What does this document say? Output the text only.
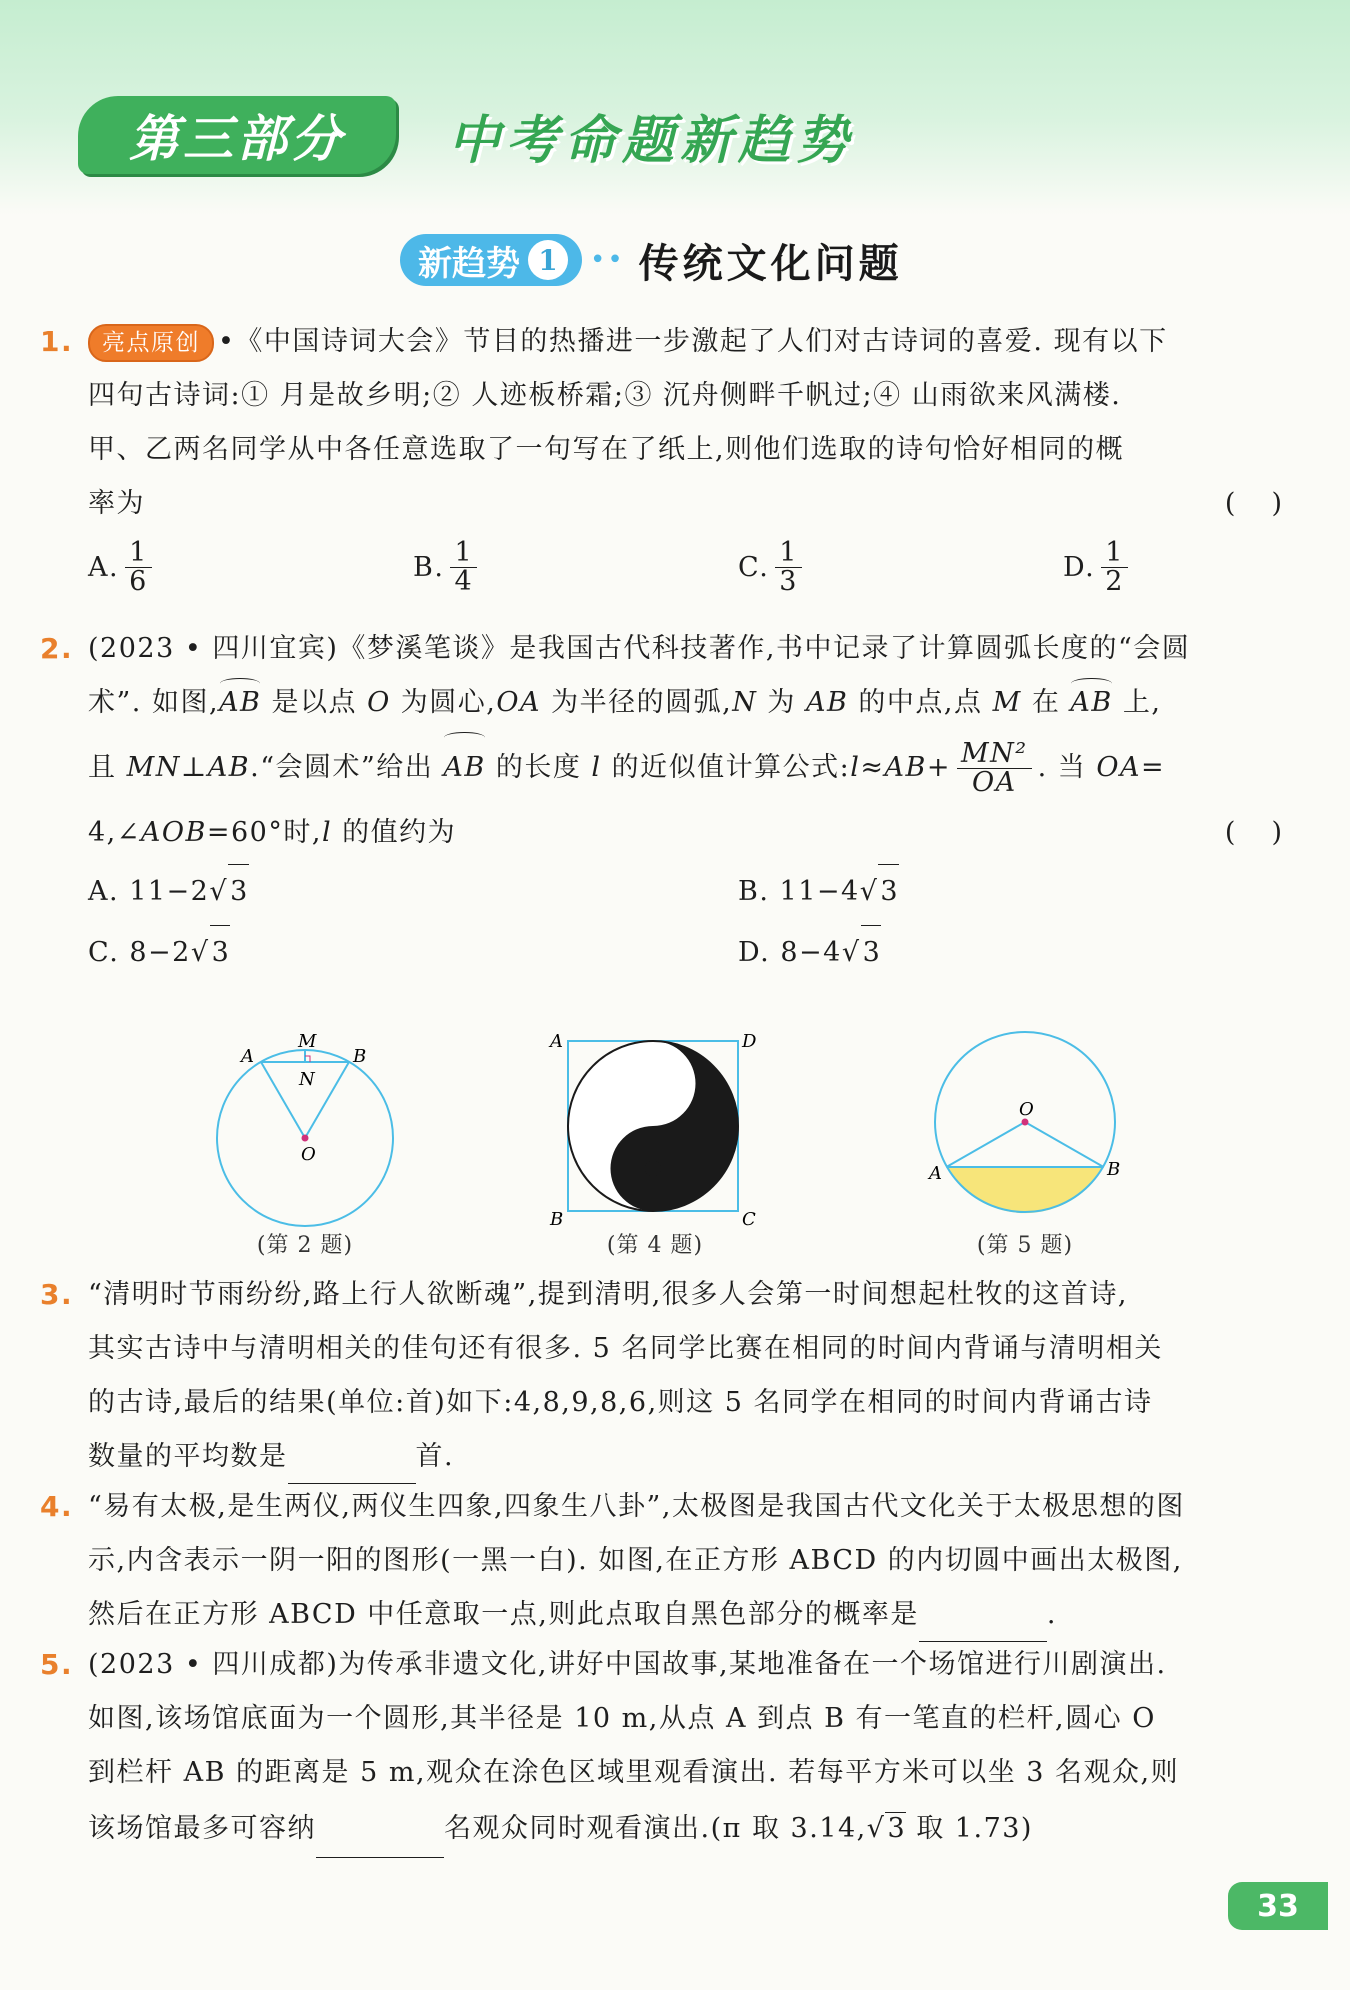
第三部分	中考命题新趋势
新趋势 1	•• 传统文化问题
1.	亮点原创 •《中国诗词大会》节目的热播进一步激起了人们对古诗词的喜爱. 现有以下

四句古诗词:① 月是故乡明;② 人迹板桥霜;③ 沉舟侧畔千帆过;④ 山雨欲来风满楼.

甲、乙两名同学从中各任意选取了一句写在了纸上,则他们选取的诗句恰好相同的概

率为	()

A. $\frac{1}{6}$	B. $\frac{1}{4}$	C. $\frac{1}{3}$	D. $\frac{1}{2}$
2. (2023 • 四川宜宾)《梦溪笔谈》是我国古代科技著作,书中记录了计算圆弧长度的“会圆

术”. 如图,AB 是以点 O 为圆心,OA 为半径的圆弧,N 为 AB 的中点,点 M 在 AB 上,

且 MN⊥AB.“会圆术”给出 AB 的长度 l 的近似值计算公式:l≈AB+ $\frac{\text{MN²}}{OA}$ . 当 OA=

4,∠AOB=60°时,l 的值约为	()

A.
11−2 √ 3	B.
11−4 √ 3
C.
8−2 √ 3	D.
8−4 √ 3
A	B
M
N
O
(第 2 题)
A	D
B	C
(第 4 题)
O
A	B
(第 5 题)
3. “清明时节雨纷纷,路上行人欲断魂”,提到清明,很多人会第一时间想起杜牧的这首诗,

其实古诗中与清明相关的佳句还有很多. 5 名同学比赛在相同的时间内背诵与清明相关

的古诗,最后的结果(单位:首)如下:4,8,9,8,6,则这 5 名同学在相同的时间内背诵古诗

数量的平均数是	首.

4. “易有太极,是生两仪,两仪生四象,四象生八卦”,太极图是我国古代文化关于太极思想的图

示,内含表示一阴一阳的图形(一黑一白). 如图,在正方形 ABCD 的内切圆中画出太极图,

然后在正方形 ABCD 中任意取一点,则此点取自黑色部分的概率是	.

5. (2023 • 四川成都)为传承非遗文化,讲好中国故事,某地准备在一个场馆进行川剧演出.

如图,该场馆底面为一个圆形,其半径是 10 m,从点 A 到点 B 有一笔直的栏杆,圆心 O

到栏杆 AB 的距离是 5 m,观众在涂色区域里观看演出. 若每平方米可以坐 3 名观众,则

该场馆最多可容纳	名观众同时观看演出.(π 取 3.14,√3 取 1.73)

33
